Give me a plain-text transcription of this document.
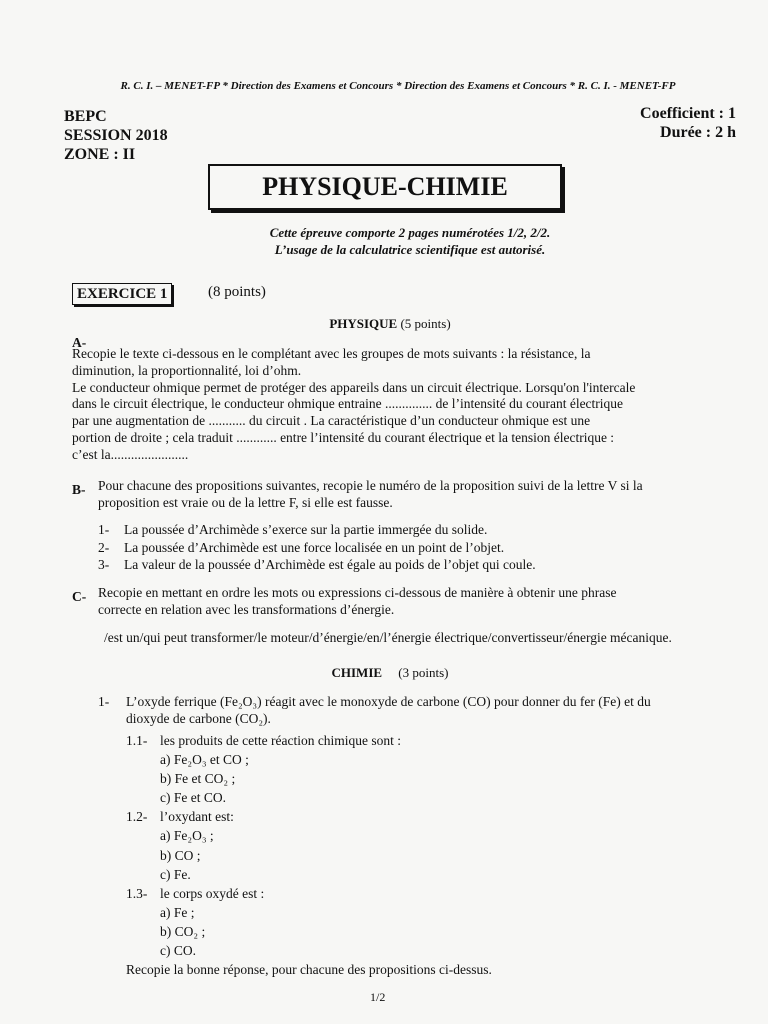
R. C. I. – MENET-FP * Direction des Examens et Concours * Direction des Examens et Concours * R. C. I. - MENET-FP
BEPC
SESSION 2018
ZONE : II
Coefficient : 1
Durée : 2 h
PHYSIQUE-CHIMIE
Cette épreuve comporte 2 pages numérotées 1/2, 2/2.
L’usage de la calculatrice scientifique est autorisé.
EXERCICE 1	(8 points)
PHYSIQUE (5 points)
A-
Recopie le texte ci-dessous en le complétant avec les groupes de mots suivants : la résistance, la
diminution, la proportionnalité, loi d’ohm.
Le conducteur ohmique permet de protéger des appareils dans un circuit électrique. Lorsqu'on l'intercale
dans le circuit électrique, le conducteur ohmique entraine .............. de l’intensité du courant électrique
par une augmentation de ........... du circuit . La caractéristique d’un conducteur ohmique est une
portion de droite ; cela traduit ............ entre l’intensité du courant électrique et la tension électrique :
c’est la.......................
B- Pour chacune des propositions suivantes, recopie le numéro de la proposition suivi de la lettre V si la
proposition est vraie ou de la lettre F, si elle est fausse.
1- La poussée d’Archimède s’exerce sur la partie immergée du solide.
2- La poussée d’Archimède est une force localisée en un point de l’objet.
3- La valeur de la poussée d’Archimède est égale au poids de l’objet qui coule.
C- Recopie en mettant en ordre les mots ou expressions ci-dessous de manière à obtenir une phrase
correcte en relation avec les transformations d’énergie.
/est un/qui peut transformer/le moteur/d’énergie/en/l’énergie électrique/convertisseur/énergie mécanique.
CHIMIE (3 points)
1- L’oxyde ferrique (Fe₂O₃) réagit avec le monoxyde de carbone (CO) pour donner du fer (Fe) et du
dioxyde de carbone (CO₂).
1.1- les produits de cette réaction chimique sont :
a) Fe₂O₃ et CO ;
b) Fe et CO₂ ;
c) Fe et CO.
1.2- l’oxydant est:
a) Fe₂O₃ ;
b) CO ;
c) Fe.
1.3- le corps oxydé est :
a) Fe ;
b) CO₂ ;
c) CO.
Recopie la bonne réponse, pour chacune des propositions ci-dessus.
1/2
